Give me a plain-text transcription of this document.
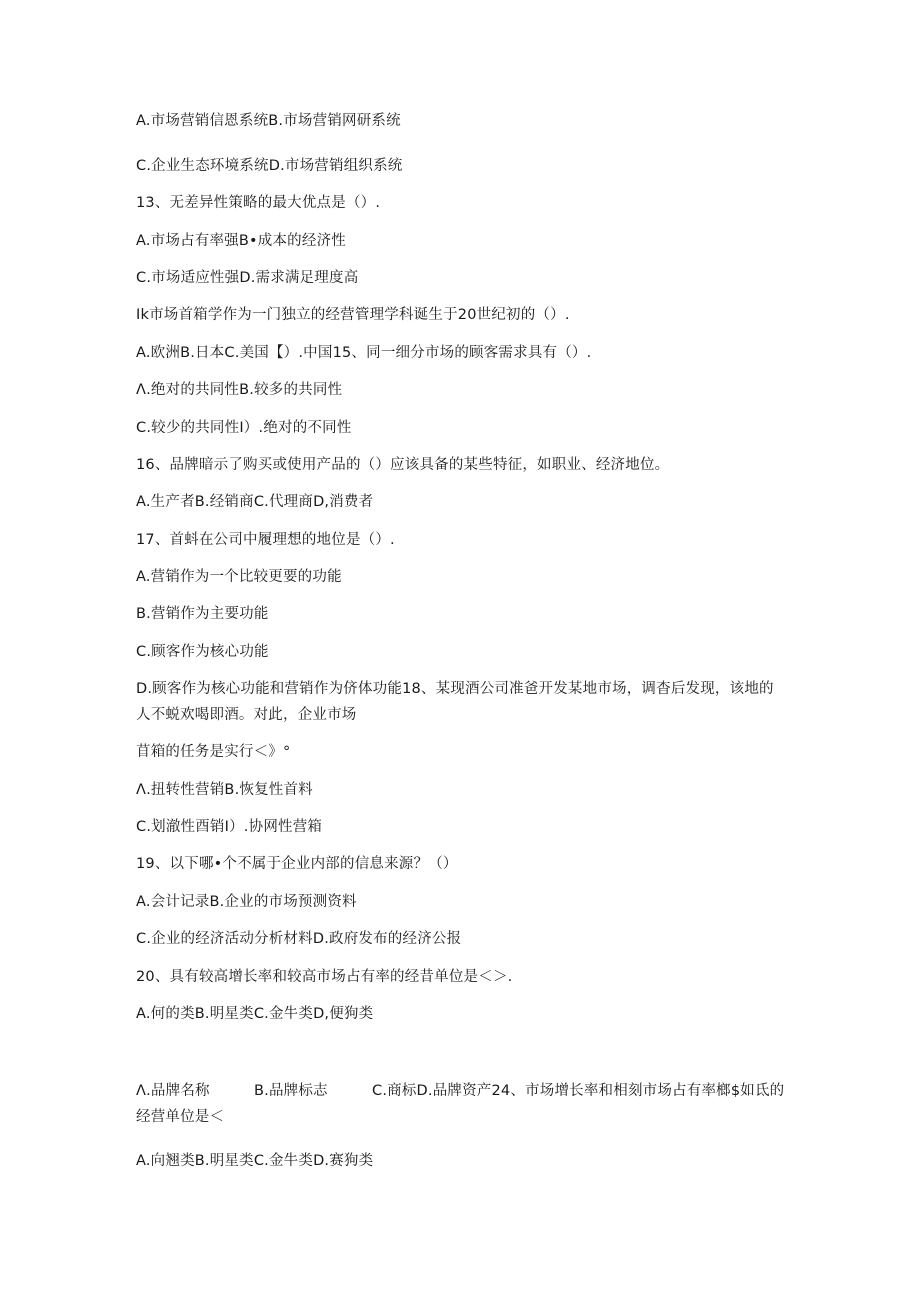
A.市场营销信恩系统B.市场营销网研系统
C.企业生态环境系统D.市场营销组织系统
13、无差异性策略的最大优点是（）.
A.市场占有率强B•成本的经济性
C.市场适应性强D.需求满足理度高
Ik市场首箱学作为一门独立的经营管理学科诞生于20世纪初的（）.
A.欧洲B.日本C.美国【）.中国15、同一细分市场的顾客需求具有（）.
Λ.绝对的共同性B.较多的共同性
C.较少的共同性I）.绝对的不同性
16、品牌暗示了购买或使用产品的（）应该具备的某些特征，如职业、经济地位。
A.生产者B.经销商C.代理商D,消费者
17、首蚪在公司中履理想的地位是（）.
A.营销作为一个比较更要的功能
B.营销作为主要功能
C.顾客作为核心功能
D.顾客作为核心功能和营销作为侪体功能18、某现酒公司准爸开发某地市场，调杳后发现，该地的人不蜕欢喝即酒。对此，企业市场
苜箱的任务是实行＜》°
Λ.扭转性营销B.恢复性首料
C.划澈性酉销I）.协网性营箱
19、以下哪•个不属于企业内部的信息来源？（）
A.会计记录B.企业的市场预测资料
C.企业的经济活动分析材料D.政府发布的经济公报
20、具有较高增长率和较高市场占有率的经昔单位是＜＞.
A.何的类B.明星类C.金牛类D,便狗类
Λ.品牌名称	B.品牌标志	C.商标D.品牌资产24、市场增长率和相刻市场占有率榔$如氐的经营单位是＜
A.向翘类B.明星类C.金牛类D.赛狗类
